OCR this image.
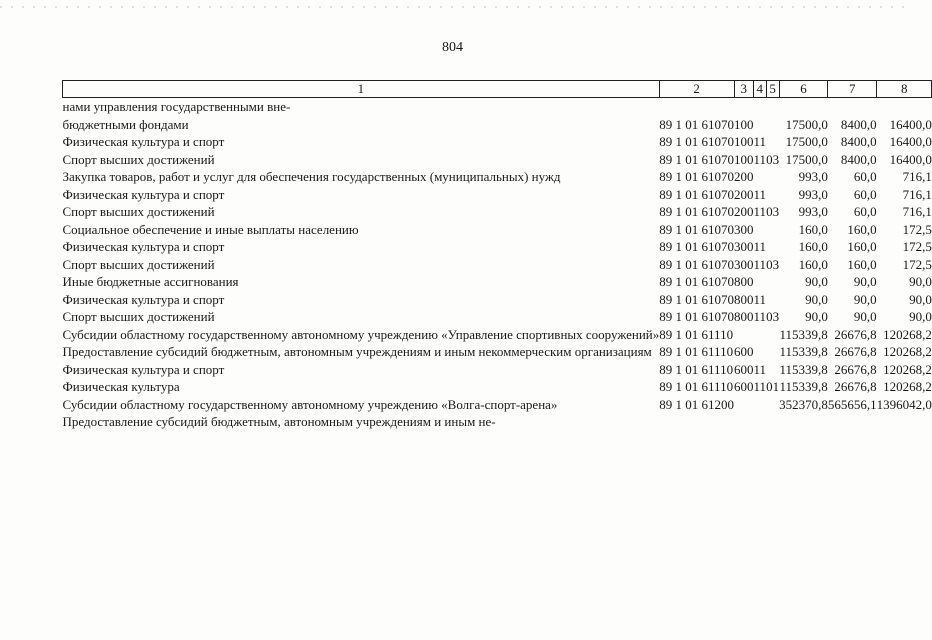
804
1	2	3	4	5	6	7	8
нами управления государственными вне-							
бюджетными фондами	89 1 01 61070	100			17500,0	8400,0	16400,0
Физическая культура и спорт	89 1 01 61070	100	11		17500,0	8400,0	16400,0
Спорт высших достижений	89 1 01 61070	100	11	03	17500,0	8400,0	16400,0
Закупка товаров, работ и услуг для обеспечения государственных (муниципальных) нужд	89 1 01 61070	200			993,0	60,0	716,1
Физическая культура и спорт	89 1 01 61070	200	11		993,0	60,0	716,1
Спорт высших достижений	89 1 01 61070	200	11	03	993,0	60,0	716,1
Социальное обеспечение и иные выплаты населению	89 1 01 61070	300			160,0	160,0	172,5
Физическая культура и спорт	89 1 01 61070	300	11		160,0	160,0	172,5
Спорт высших достижений	89 1 01 61070	300	11	03	160,0	160,0	172,5
Иные бюджетные ассигнования	89 1 01 61070	800			90,0	90,0	90,0
Физическая культура и спорт	89 1 01 61070	800	11		90,0	90,0	90,0
Спорт высших достижений	89 1 01 61070	800	11	03	90,0	90,0	90,0
Субсидии областному государственному автономному учреждению «Управление спортивных сооружений»	89 1 01 61110				115339,8	26676,8	120268,2
Предоставление субсидий бюджетным, автономным учреждениям и иным некоммерческим организациям	89 1 01 61110	600			115339,8	26676,8	120268,2
Физическая культура и спорт	89 1 01 61110	600	11		115339,8	26676,8	120268,2
Физическая культура	89 1 01 61110	600	11	01	115339,8	26676,8	120268,2
Субсидии областному государственному автономному учреждению «Волга-спорт-арена»	89 1 01 61200				352370,8	565656,1	1396042,0
Предоставление субсидий бюджетным, автономным учреждениям и иным не-							
